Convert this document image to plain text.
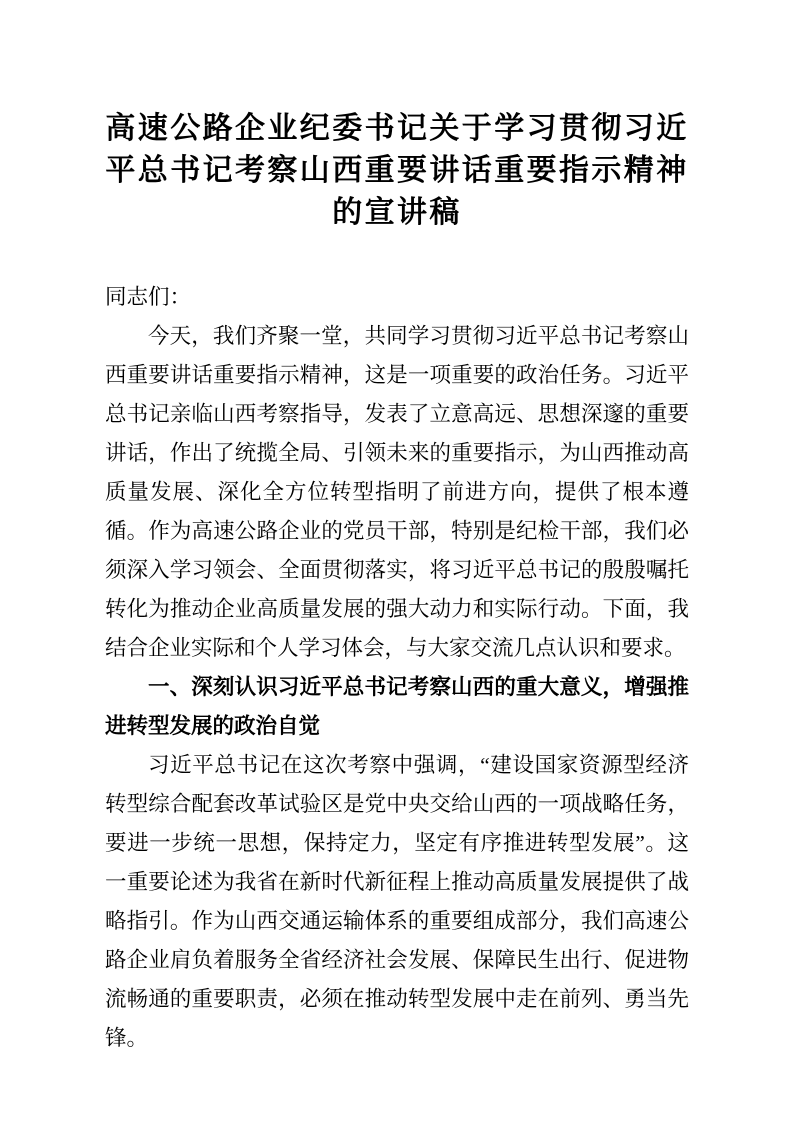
高速公路企业纪委书记关于学习贯彻习近平总书记考察山西重要讲话重要指示精神的宣讲稿

同志们：

今天，我们齐聚一堂，共同学习贯彻习近平总书记考察山西重要讲话重要指示精神，这是一项重要的政治任务。习近平总书记亲临山西考察指导，发表了立意高远、思想深邃的重要讲话，作出了统揽全局、引领未来的重要指示，为山西推动高质量发展、深化全方位转型指明了前进方向，提供了根本遵循。作为高速公路企业的党员干部，特别是纪检干部，我们必须深入学习领会、全面贯彻落实，将习近平总书记的殷殷嘱托转化为推动企业高质量发展的强大动力和实际行动。下面，我结合企业实际和个人学习体会，与大家交流几点认识和要求。

一、深刻认识习近平总书记考察山西的重大意义，增强推进转型发展的政治自觉

习近平总书记在这次考察中强调，“建设国家资源型经济转型综合配套改革试验区是党中央交给山西的一项战略任务，要进一步统一思想，保持定力，坚定有序推进转型发展”。这一重要论述为我省在新时代新征程上推动高质量发展提供了战略指引。作为山西交通运输体系的重要组成部分，我们高速公路企业肩负着服务全省经济社会发展、保障民生出行、促进物流畅通的重要职责，必须在推动转型发展中走在前列、勇当先锋。
